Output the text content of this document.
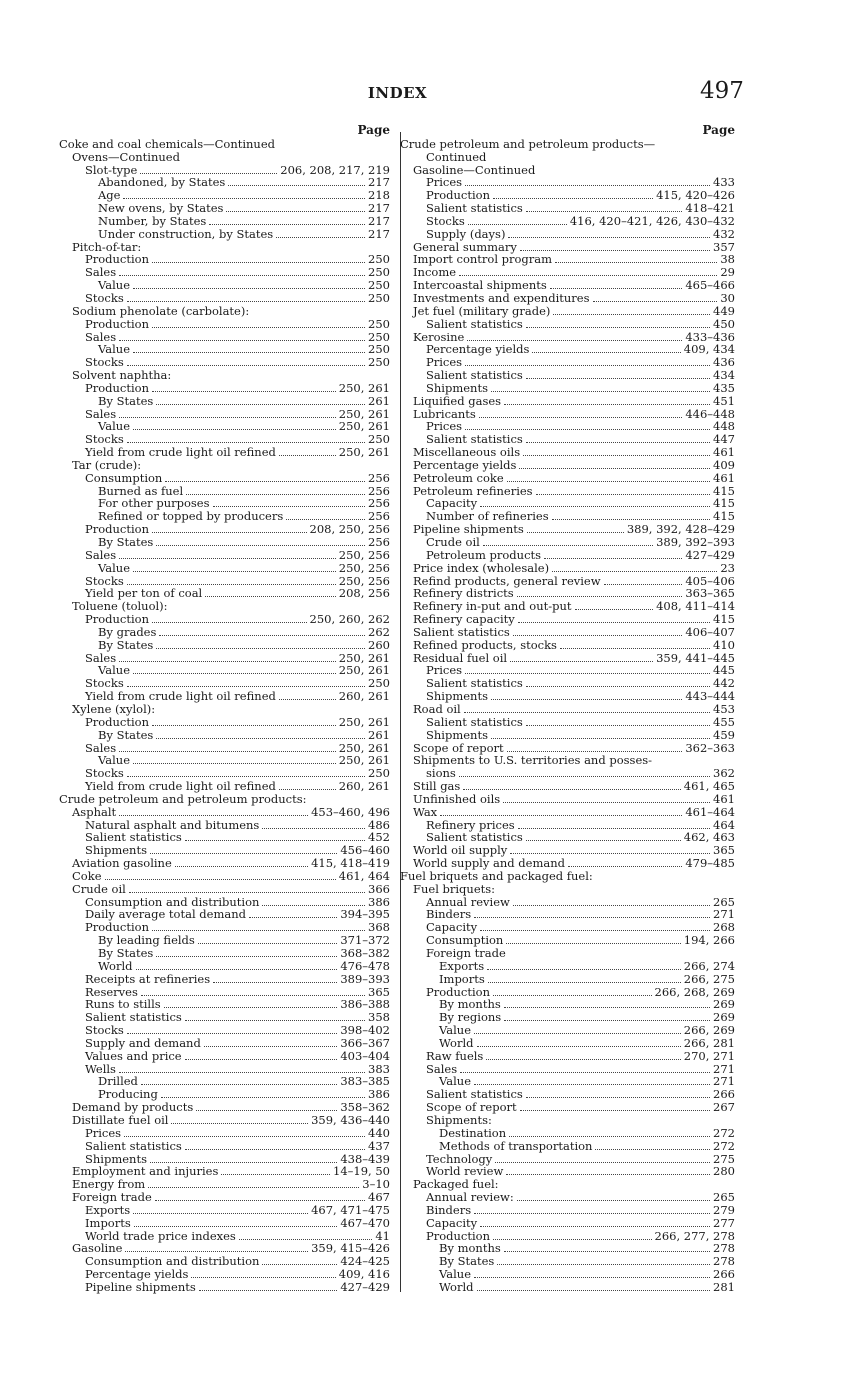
INDEX	497
Page
Coke and coal chemicals—Continued
Ovens—Continued
Slot-type	206, 208, 217, 219
Abandoned, by States	217
Age	218
New ovens, by States	217
Number, by States	217
Under construction, by States	217
Pitch-of-tar:
Production	250
Sales	250
Value	250
Stocks	250
Sodium phenolate (carbolate):
Production	250
Sales	250
Value	250
Stocks	250
Solvent naphtha:
Production	250, 261
By States	261
Sales	250, 261
Value	250, 261
Stocks	250
Yield from crude light oil refined	250, 261
Tar (crude):
Consumption	256
Burned as fuel	256
For other purposes	256
Refined or topped by producers	256
Production	208, 250, 256
By States	256
Sales	250, 256
Value	250, 256
Stocks	250, 256
Yield per ton of coal	208, 256
Toluene (toluol):
Production	250, 260, 262
By grades	262
By States	260
Sales	250, 261
Value	250, 261
Stocks	250
Yield from crude light oil refined	260, 261
Xylene (xylol):
Production	250, 261
By States	261
Sales	250, 261
Value	250, 261
Stocks	250
Yield from crude light oil refined	260, 261
Crude petroleum and petroleum products:
Asphalt	453–460, 496
Natural asphalt and bitumens	486
Salient statistics	452
Shipments	456–460
Aviation gasoline	415, 418–419
Coke	461, 464
Crude oil	366
Consumption and distribution	386
Daily average total demand	394–395
Production	368
By leading fields	371–372
By States	368–382
World	476–478
Receipts at refineries	389–393
Reserves	365
Runs to stills	386–388
Salient statistics	358
Stocks	398–402
Supply and demand	366–367
Values and price	403–404
Wells	383
Drilled	383–385
Producing	386
Demand by products	358–362
Distillate fuel oil	359, 436–440
Prices	440
Salient statistics	437
Shipments	438–439
Employment and injuries	14–19, 50
Energy from	3–10
Foreign trade	467
Exports	467, 471–475
Imports	467–470
World trade price indexes	41
Gasoline	359, 415–426
Consumption and distribution	424–425
Percentage yields	409, 416
Pipeline shipments	427–429
Page
Crude petroleum and petroleum products—
Continued
Gasoline—Continued
Prices	433
Production	415, 420–426
Salient statistics	418–421
Stocks	416, 420–421, 426, 430–432
Supply (days)	432
General summary	357
Import control program	38
Income	29
Intercoastal shipments	465–466
Investments and expenditures	30
Jet fuel (military grade)	449
Salient statistics	450
Kerosine	433–436
Percentage yields	409, 434
Prices	436
Salient statistics	434
Shipments	435
Liquified gases	451
Lubricants	446–448
Prices	448
Salient statistics	447
Miscellaneous oils	461
Percentage yields	409
Petroleum coke	461
Petroleum refineries	415
Capacity	415
Number of refineries	415
Pipeline shipments	389, 392, 428–429
Crude oil	389, 392–393
Petroleum products	427–429
Price index (wholesale)	23
Refind products, general review	405–406
Refinery districts	363–365
Refinery in-put and out-put	408, 411–414
Refinery capacity	415
Salient statistics	406–407
Refined products, stocks	410
Residual fuel oil	359, 441–445
Prices	445
Salient statistics	442
Shipments	443–444
Road oil	453
Salient statistics	455
Shipments	459
Scope of report	362–363
Shipments to U.S. territories and posses-
sions	362
Still gas	461, 465
Unfinished oils	461
Wax	461–464
Refinery prices	464
Salient statistics	462, 463
World oil supply	365
World supply and demand	479–485
Fuel briquets and packaged fuel:
Fuel briquets:
Annual review	265
Binders	271
Capacity	268
Consumption	194, 266
Foreign trade
Exports	266, 274
Imports	266, 275
Production	266, 268, 269
By months	269
By regions	269
Value	266, 269
World	266, 281
Raw fuels	270, 271
Sales	271
Value	271
Salient statistics	266
Scope of report	267
Shipments:
Destination	272
Methods of transportation	272
Technology	275
World review	280
Packaged fuel:
Annual review:	265
Binders	279
Capacity	277
Production	266, 277, 278
By months	278
By States	278
Value	266
World	281
